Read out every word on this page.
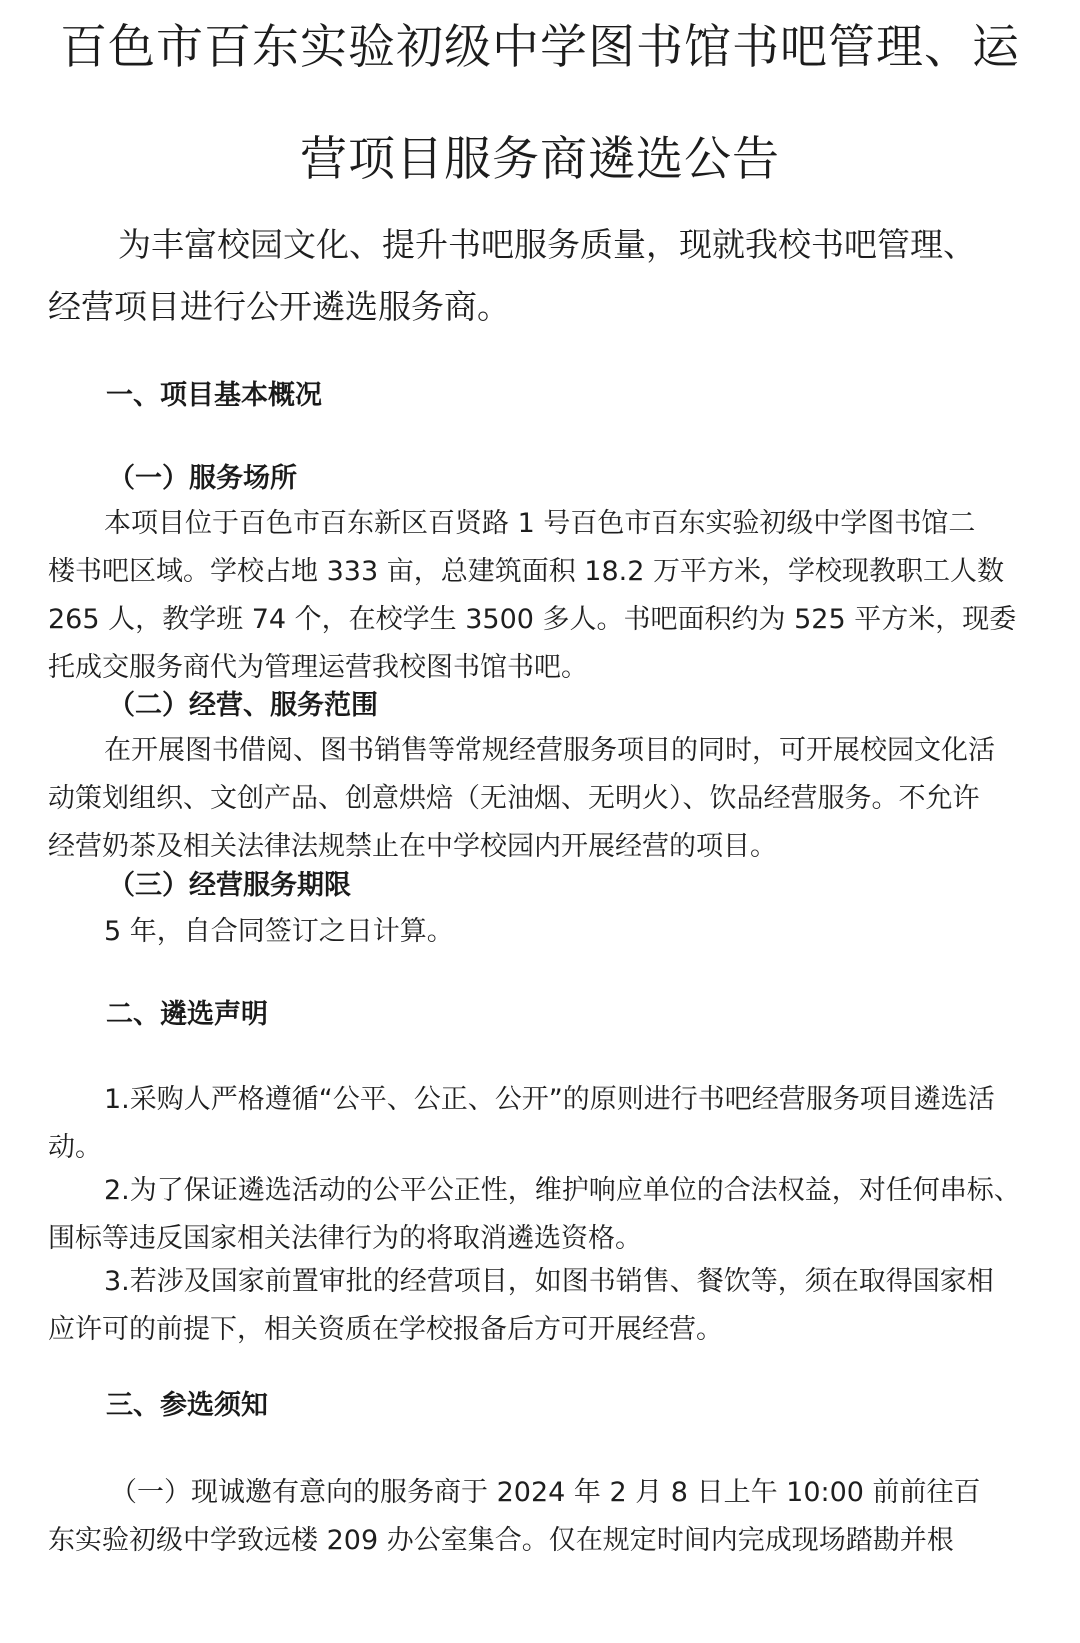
百色市百东实验初级中学图书馆书吧管理、运
营项目服务商遴选公告

为丰富校园文化、提升书吧服务质量，现就我校书吧管理、
经营项目进行公开遴选服务商。

一、项目基本概况
（一）服务场所

本项目位于百色市百东新区百贤路 1 号百色市百东实验初级中学图书馆二
楼书吧区域。学校占地 333 亩，总建筑面积 18.2 万平方米，学校现教职工人数
265 人，教学班 74 个，在校学生 3500 多人。书吧面积约为 525 平方米，现委
托成交服务商代为管理运营我校图书馆书吧。

（二）经营、服务范围

在开展图书借阅、图书销售等常规经营服务项目的同时，可开展校园文化活
动策划组织、文创产品、创意烘焙（无油烟、无明火）、饮品经营服务。不允许
经营奶茶及相关法律法规禁止在中学校园内开展经营的项目。

（三）经营服务期限

5 年，自合同签订之日计算。

二、遴选声明

1.采购人严格遵循“公平、公正、公开”的原则进行书吧经营服务项目遴选活
动。

2.为了保证遴选活动的公平公正性，维护响应单位的合法权益，对任何串标、
围标等违反国家相关法律行为的将取消遴选资格。

3.若涉及国家前置审批的经营项目，如图书销售、餐饮等，须在取得国家相
应许可的前提下，相关资质在学校报备后方可开展经营。

三、参选须知

（一）现诚邀有意向的服务商于 2024 年 2 月 8 日上午 10:00 前前往百
东实验初级中学致远楼 209 办公室集合。仅在规定时间内完成现场踏勘并根
